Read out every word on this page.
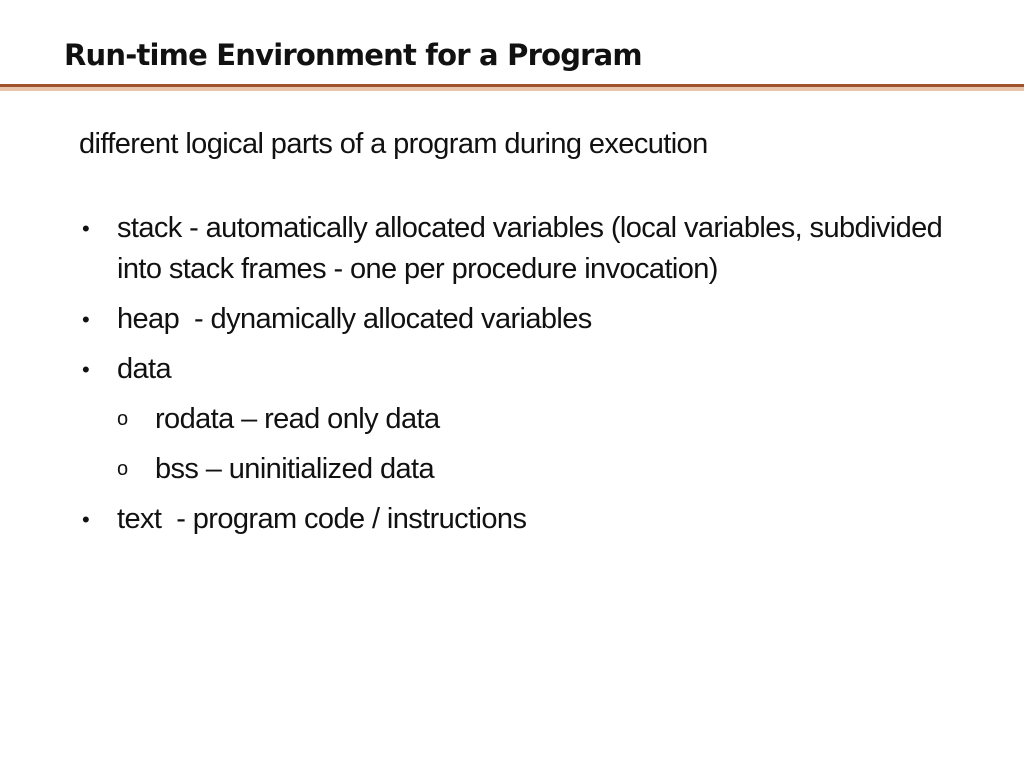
Run-time Environment for a Program

different logical parts of a program during execution

• stack - automatically allocated variables (local variables, subdivided into stack frames - one per procedure invocation)
• heap  - dynamically allocated variables
• data
o rodata – read only data
o bss – uninitialized data
• text  - program code / instructions
